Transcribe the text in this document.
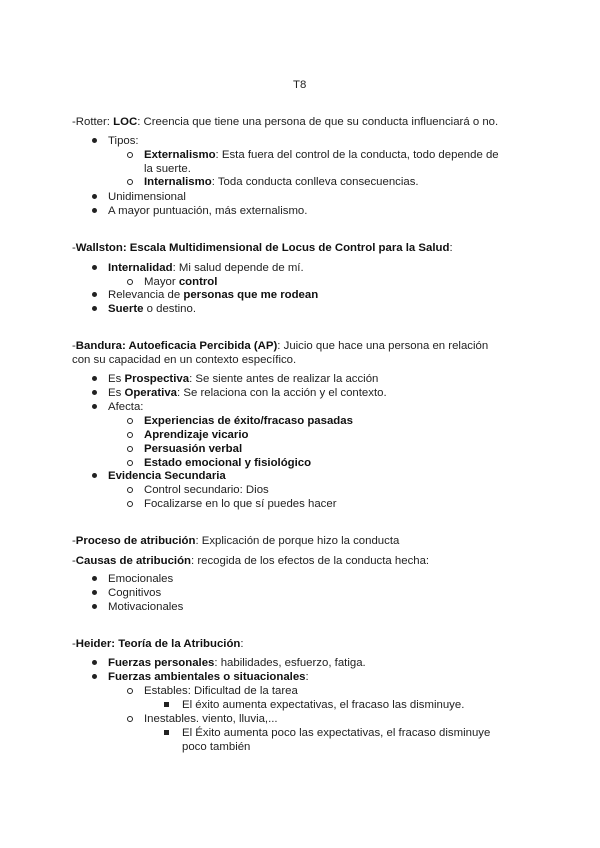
T8
-Rotter: LOC: Creencia que tiene una persona de que su conducta influenciará o no.
Tipos:
Externalismo: Esta fuera del control de la conducta, todo depende de
la suerte.
Internalismo: Toda conducta conlleva consecuencias.
Unidimensional
A mayor puntuación, más externalismo.
-Wallston: Escala Multidimensional de Locus de Control para la Salud:
Internalidad: Mi salud depende de mí.
Mayor control
Relevancia de personas que me rodean
Suerte o destino.
-Bandura: Autoeficacia Percibida (AP): Juicio que hace una persona en relación
con su capacidad en un contexto específico.
Es Prospectiva: Se siente antes de realizar la acción
Es Operativa: Se relaciona con la acción y el contexto.
Afecta:
Experiencias de éxito/fracaso pasadas
Aprendizaje vicario
Persuasión verbal
Estado emocional y fisiológico
Evidencia Secundaria
Control secundario: Dios
Focalizarse en lo que sí puedes hacer
-Proceso de atribución: Explicación de porque hizo la conducta
-Causas de atribución: recogida de los efectos de la conducta hecha:
Emocionales
Cognitivos
Motivacionales
-Heider: Teoría de la Atribución:
Fuerzas personales: habilidades, esfuerzo, fatiga.
Fuerzas ambientales o situacionales:
Estables: Dificultad de la tarea
El éxito aumenta expectativas, el fracaso las disminuye.
Inestables. viento, lluvia,...
El Éxito aumenta poco las expectativas, el fracaso disminuye
poco también
